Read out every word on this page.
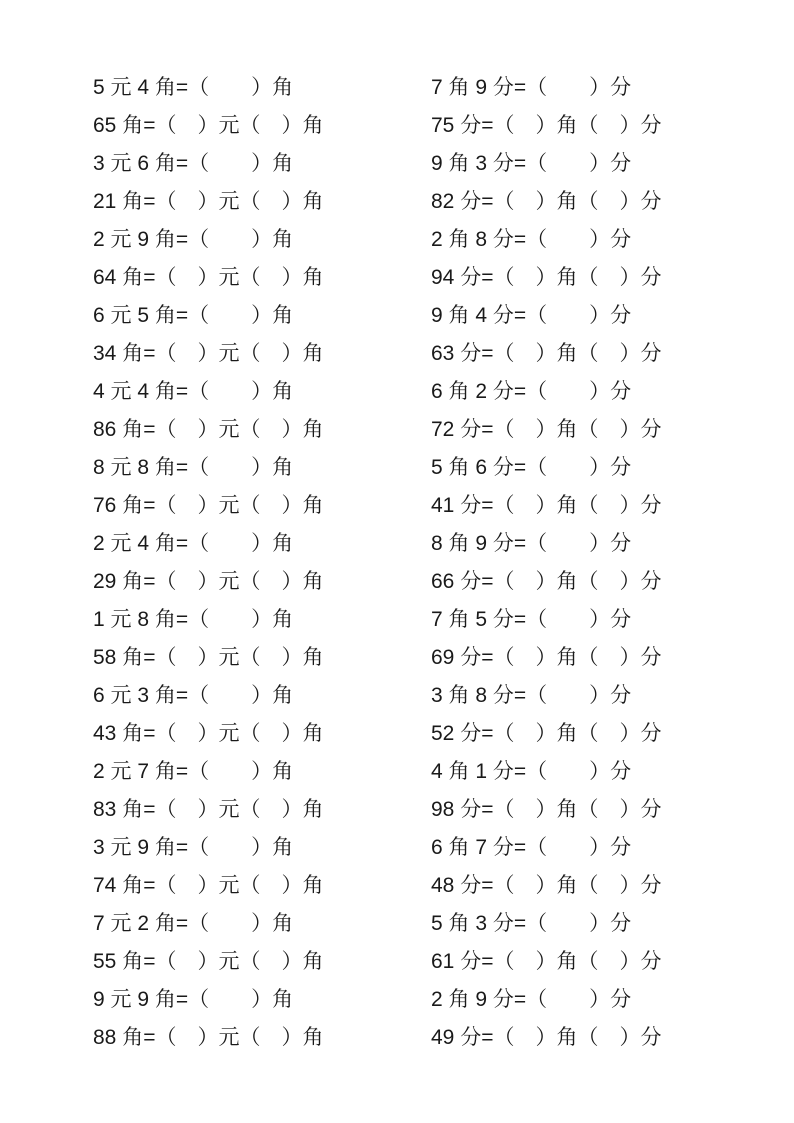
5 元 4 角=（　　）角
65 角=（　）元（　）角
3 元 6 角=（　　）角
21 角=（　）元（　）角
2 元 9 角=（　　）角
64 角=（　）元（　）角
6 元 5 角=（　　）角
34 角=（　）元（　）角
4 元 4 角=（　　）角
86 角=（　）元（　）角
8 元 8 角=（　　）角
76 角=（　）元（　）角
2 元 4 角=（　　）角
29 角=（　）元（　）角
1 元 8 角=（　　）角
58 角=（　）元（　）角
6 元 3 角=（　　）角
43 角=（　）元（　）角
2 元 7 角=（　　）角
83 角=（　）元（　）角
3 元 9 角=（　　）角
74 角=（　）元（　）角
7 元 2 角=（　　）角
55 角=（　）元（　）角
9 元 9 角=（　　）角
88 角=（　）元（　）角
7 角 9 分=（　　）分
75 分=（　）角（　）分
9 角 3 分=（　　）分
82 分=（　）角（　）分
2 角 8 分=（　　）分
94 分=（　）角（　）分
9 角 4 分=（　　）分
63 分=（　）角（　）分
6 角 2 分=（　　）分
72 分=（　）角（　）分
5 角 6 分=（　　）分
41 分=（　）角（　）分
8 角 9 分=（　　）分
66 分=（　）角（　）分
7 角 5 分=（　　）分
69 分=（　）角（　）分
3 角 8 分=（　　）分
52 分=（　）角（　）分
4 角 1 分=（　　）分
98 分=（　）角（　）分
6 角 7 分=（　　）分
48 分=（　）角（　）分
5 角 3 分=（　　）分
61 分=（　）角（　）分
2 角 9 分=（　　）分
49 分=（　）角（　）分
